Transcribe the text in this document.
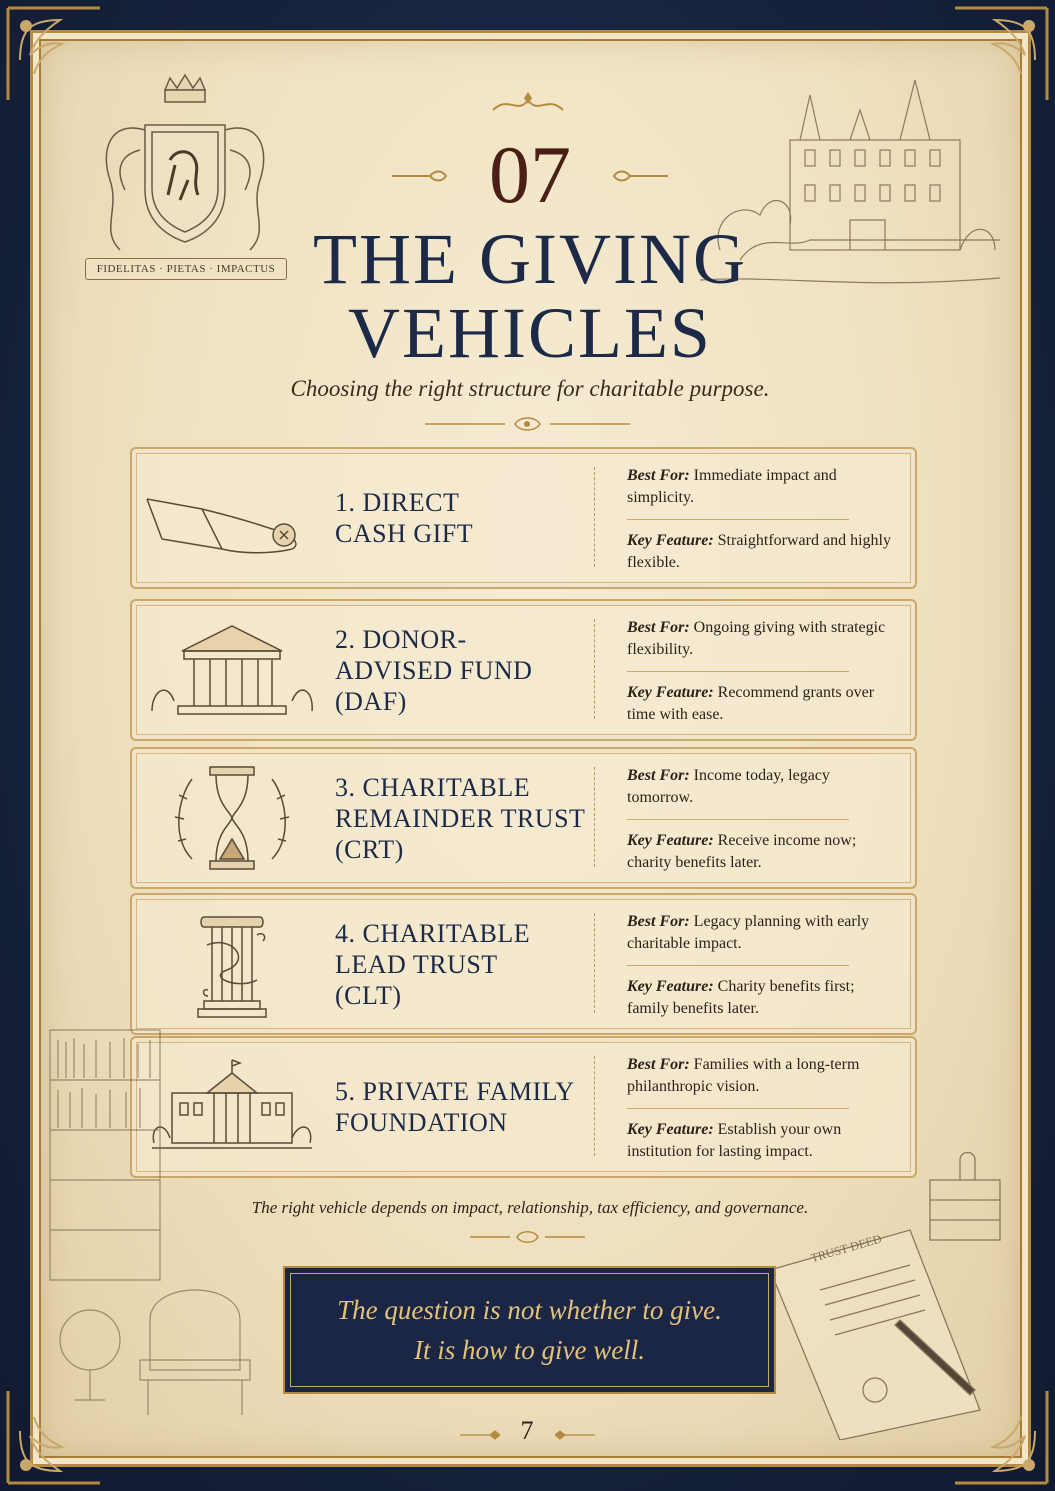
FIDELITAS · PIETAS · IMPACTUS
07
THE GIVING
VEHICLES
Choosing the right structure for charitable purpose.
1. DIRECT
CASH GIFT
Best For: Immediate impact and simplicity.
Key Feature: Straightforward and highly flexible.
2. DONOR-
ADVISED FUND
(DAF)
Best For: Ongoing giving with strategic flexibility.
Key Feature: Recommend grants over time with ease.
3. CHARITABLE
REMAINDER TRUST
(CRT)
Best For: Income today, legacy tomorrow.
Key Feature: Receive income now; charity benefits later.
4. CHARITABLE
LEAD TRUST
(CLT)
Best For: Legacy planning with early charitable impact.
Key Feature: Charity benefits first; family benefits later.
5. PRIVATE FAMILY
FOUNDATION
Best For: Families with a long-term philanthropic vision.
Key Feature: Establish your own institution for lasting impact.
TRUST DEED
The right vehicle depends on impact, relationship, tax efficiency, and governance.
The question is not whether to give.
It is how to give well.
7
